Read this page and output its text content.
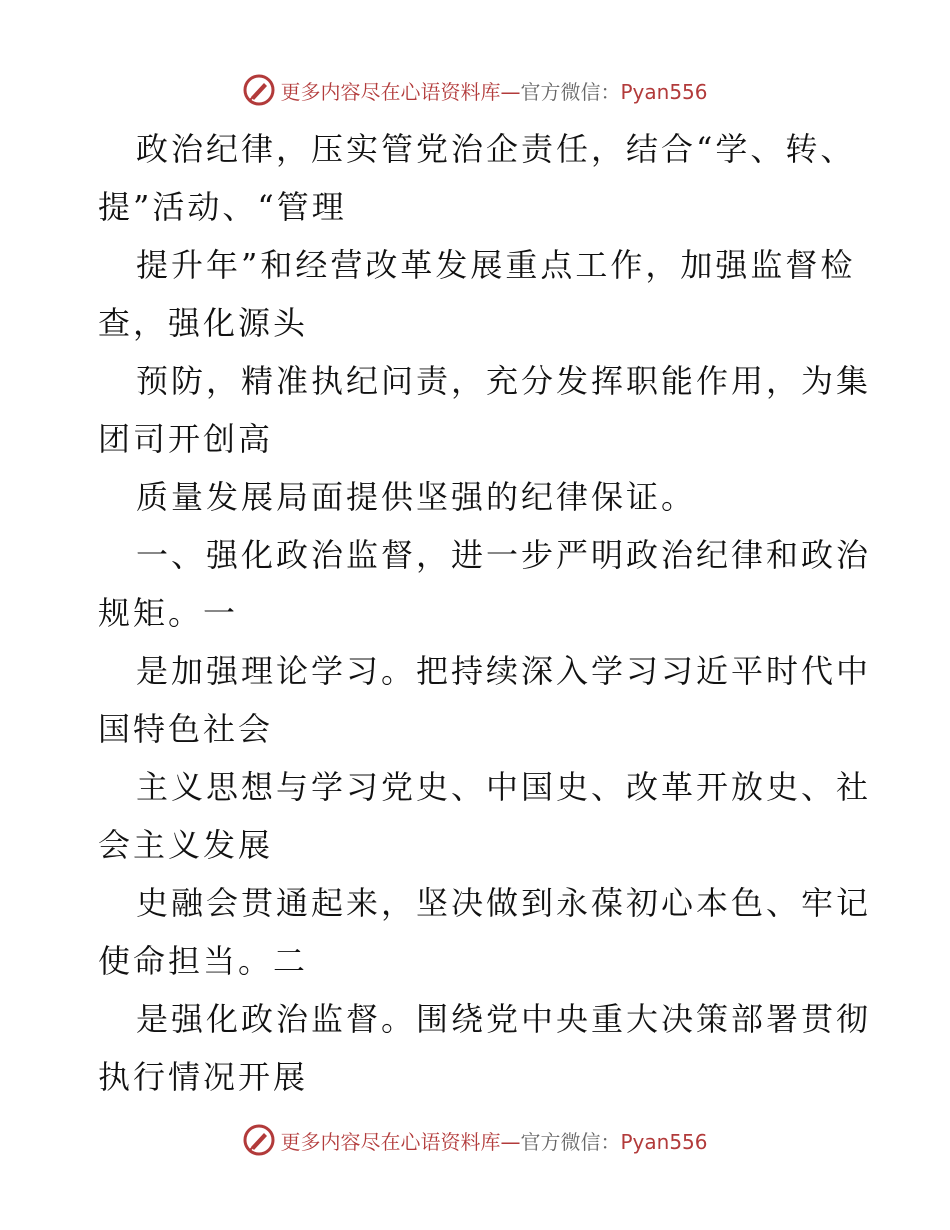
更多内容尽在心语资料库—官方微信：Pyan556
政治纪律，压实管党治企责任，结合“学、转、
提”活动、“管理
提升年”和经营改革发展重点工作，加强监督检
查，强化源头
预防，精准执纪问责，充分发挥职能作用，为集
团司开创高
质量发展局面提供坚强的纪律保证。
一、强化政治监督，进一步严明政治纪律和政治
规矩。一
是加强理论学习。把持续深入学习习近平时代中
国特色社会
主义思想与学习党史、中国史、改革开放史、社
会主义发展
史融会贯通起来，坚决做到永葆初心本色、牢记
使命担当。二
是强化政治监督。围绕党中央重大决策部署贯彻
执行情况开展
更多内容尽在心语资料库—官方微信：Pyan556
